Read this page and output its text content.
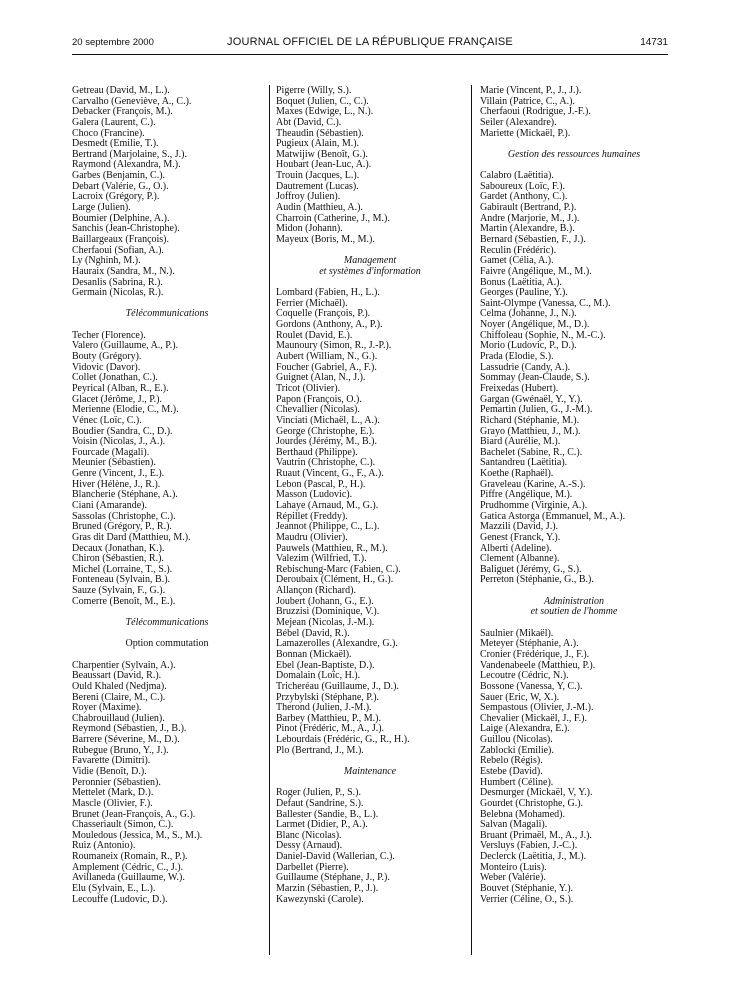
20 septembre 2000	JOURNAL OFFICIEL DE LA RÉPUBLIQUE FRANÇAISE	14731
Getreau (David, M., L.).
Carvalho (Geneviève, A., C.).
Debacker (François, M.).
Galera (Laurent, C.).
Choco (Francine).
Desmedt (Emilie, T.).
Bertrand (Marjolaine, S., J.).
Raymond (Alexandra, M.).
Garbes (Benjamin, C.).
Debart (Valérie, G., O.).
Lacroix (Grégory, P.).
Large (Julien).
Boumier (Delphine, A.).
Sanchis (Jean-Christophe).
Baillargeaux (François).
Cherfaoui (Sofian, A.).
Ly (Nghinh, M.).
Hauraix (Sandra, M., N.).
Desanlis (Sabrina, R.).
Germain (Nicolas, R.).
Télécommunications
Techer (Florence).
Valero (Guillaume, A., P.).
Bouty (Grégory).
Vidovic (Davor).
Collet (Jonathan, C.).
Peyrical (Alban, R., E.).
Glacet (Jérôme, J., P.).
Merienne (Elodie, C., M.).
Vénec (Loïc, C.).
Boudier (Sandra, C., D.).
Voisin (Nicolas, J., A.).
Fourcade (Magali).
Meunier (Sébastien).
Genre (Vincent, J., E.).
Hiver (Hélène, J., R.).
Blancherie (Stéphane, A.).
Ciani (Amarande).
Sassolas (Christophe, C.).
Bruned (Grégory, P., R.).
Gras dit Dard (Matthieu, M.).
Decaux (Jonathan, K.).
Chiron (Sébastien, R.).
Michel (Lorraine, T., S.).
Fonteneau (Sylvain, B.).
Sauze (Sylvain, F., G.).
Comerre (Benoît, M., E.).
Télécommunications
Option commutation
Charpentier (Sylvain, A.).
Beaussart (David, R.).
Ould Khaled (Nedjma).
Bereni (Claire, M., C.).
Royer (Maxime).
Chabrouillaud (Julien).
Reymond (Sébastien, J., B.).
Barrere (Séverine, M., D.).
Rubegue (Bruno, Y., J.).
Favarette (Dimitri).
Vidie (Benoît, D.).
Peronnier (Sébastien).
Mettelet (Mark, D.).
Mascle (Olivier, F.).
Brunet (Jean-François, A., G.).
Chasseriault (Simon, C.).
Mouledous (Jessica, M., S., M.).
Ruiz (Antonio).
Roumaneix (Romain, R., P.).
Amplement (Cédric, C., J.).
Avillaneda (Guillaume, W.).
Elu (Sylvain, E., L.).
Lecouffe (Ludovic, D.).
Pigerre (Willy, S.).
Boquet (Julien, C., C.).
Maxes (Edwige, L., N.).
Abt (David, C.).
Theaudin (Sébastien).
Pugieux (Alain, M.).
Matwijiw (Benoît, G.).
Houbart (Jean-Luc, A.).
Trouin (Jacques, L.).
Dautrement (Lucas).
Joffroy (Julien).
Audin (Matthieu, A.).
Charroin (Catherine, J., M.).
Midon (Johann).
Mayeux (Boris, M., M.).
Management
et systèmes d'information
Lombard (Fabien, H., L.).
Ferrier (Michaël).
Coquelle (François, P.).
Gordons (Anthony, A., P.).
Roulet (David, E.).
Maunoury (Simon, R., J.-P.).
Aubert (William, N., G.).
Foucher (Gabriel, A., F.).
Guignet (Alan, N., J.).
Tricot (Olivier).
Papon (François, O.).
Chevallier (Nicolas).
Vinciati (Michaël, L., A.).
George (Christophe, E.).
Jourdes (Jérémy, M., B.).
Berthaud (Philippe).
Vautrin (Christophe, C.).
Ruaut (Vincent, G., F., A.).
Lebon (Pascal, P., H.).
Masson (Ludovic).
Lahaye (Arnaud, M., G.).
Répillet (Freddy).
Jeannot (Philippe, C., L.).
Maudru (Olivier).
Pauwels (Matthieu, R., M.).
Valezim (Wilfried, T.).
Rebischung-Marc (Fabien, C.).
Deroubaix (Clément, H., G.).
Allançon (Richard).
Joubert (Johann, G., E.).
Bruzzisi (Dominique, V.).
Mejean (Nicolas, J.-M.).
Bébel (David, R.).
Lamazerolles (Alexandre, G.).
Bonnan (Mickaël).
Ebel (Jean-Baptiste, D.).
Domalain (Loïc, H.).
Tricheréau (Guillaume, J., D.).
Przybylski (Stéphane, P.).
Therond (Julien, J.-M.).
Barbey (Matthieu, P., M.).
Pinot (Frédéric, M., A., J.).
Lebourdais (Frédéric, G., R., H.).
Plo (Bertrand, J., M.).
Maintenance
Roger (Julien, P., S.).
Defaut (Sandrine, S.).
Ballester (Sandie, B., L.).
Larmet (Didier, P., A.).
Blanc (Nicolas).
Dessy (Arnaud).
Daniel-David (Wallerian, C.).
Darbellet (Pierre).
Guillaume (Stéphane, J., P.).
Marzin (Sébastien, P., J.).
Kawezynski (Carole).
Marie (Vincent, P., J., J.).
Villain (Patrice, C., A.).
Cherfaoui (Rodrigue, J.-F.).
Seiler (Alexandre).
Mariette (Mickaël, P.).
Gestion des ressources humaines
Calabro (Laëtitia).
Saboureux (Loïc, F.).
Gardet (Anthony, C.).
Gabirault (Bertrand, P.).
Andre (Marjorie, M., J.).
Martin (Alexandre, B.).
Bernard (Sébastien, F., J.).
Reculin (Frédéric).
Gamet (Célia, A.).
Faivre (Angélique, M., M.).
Bonus (Laëtitia, A.).
Georges (Pauline, Y.).
Saint-Olympe (Vanessa, C., M.).
Celma (Johanne, J., N.).
Noyer (Angélique, M., D.).
Chiffoleau (Sophie, N., M.-C.).
Morio (Ludovic, P., D.).
Prada (Elodie, S.).
Lassudrie (Candy, A.).
Sommay (Jean-Claude, S.).
Freixedas (Hubert).
Gargan (Gwénaël, Y., Y.).
Pemartin (Julien, G., J.-M.).
Richard (Stéphanie, M.).
Grayo (Matthieu, J., M.).
Biard (Aurélie, M.).
Bachelet (Sabine, R., C.).
Santandreu (Laëtitia).
Koethe (Raphaël).
Graveleau (Karine, A.-S.).
Piffre (Angélique, M.).
Prudhomme (Virginie, A.).
Gatica Astorga (Emmanuel, M., A.).
Mazzili (David, J.).
Genest (Franck, Y.).
Alberti (Adeline).
Clement (Albanne).
Baliguet (Jérémy, G., S.).
Perreton (Stéphanie, G., B.).
Administration
et soutien de l'homme
Saulnier (Mikaël).
Meteyer (Stéphanie, A.).
Cronier (Frédérique, J., F.).
Vandenabeele (Matthieu, P.).
Lecoutre (Cédric, N.).
Bossone (Vanessa, Y, C.).
Sauer (Eric, W, X.).
Sempastous (Olivier, J.-M.).
Chevalier (Mickaël, J., F.).
Laige (Alexandra, E.).
Guillou (Nicolas).
Zablocki (Emilie).
Rebelo (Régis).
Estebe (David).
Humbert (Céline).
Desmurger (Mickaël, V, Y.).
Gourdet (Christophe, G.).
Belebna (Mohamed).
Salvan (Magali).
Bruant (Primaël, M., A., J.).
Versluys (Fabien, J.-C.).
Declerck (Laëtitia, J., M.).
Monteiro (Luis).
Weber (Valérie).
Bouvet (Stéphanie, Y.).
Verrier (Céline, O., S.).
